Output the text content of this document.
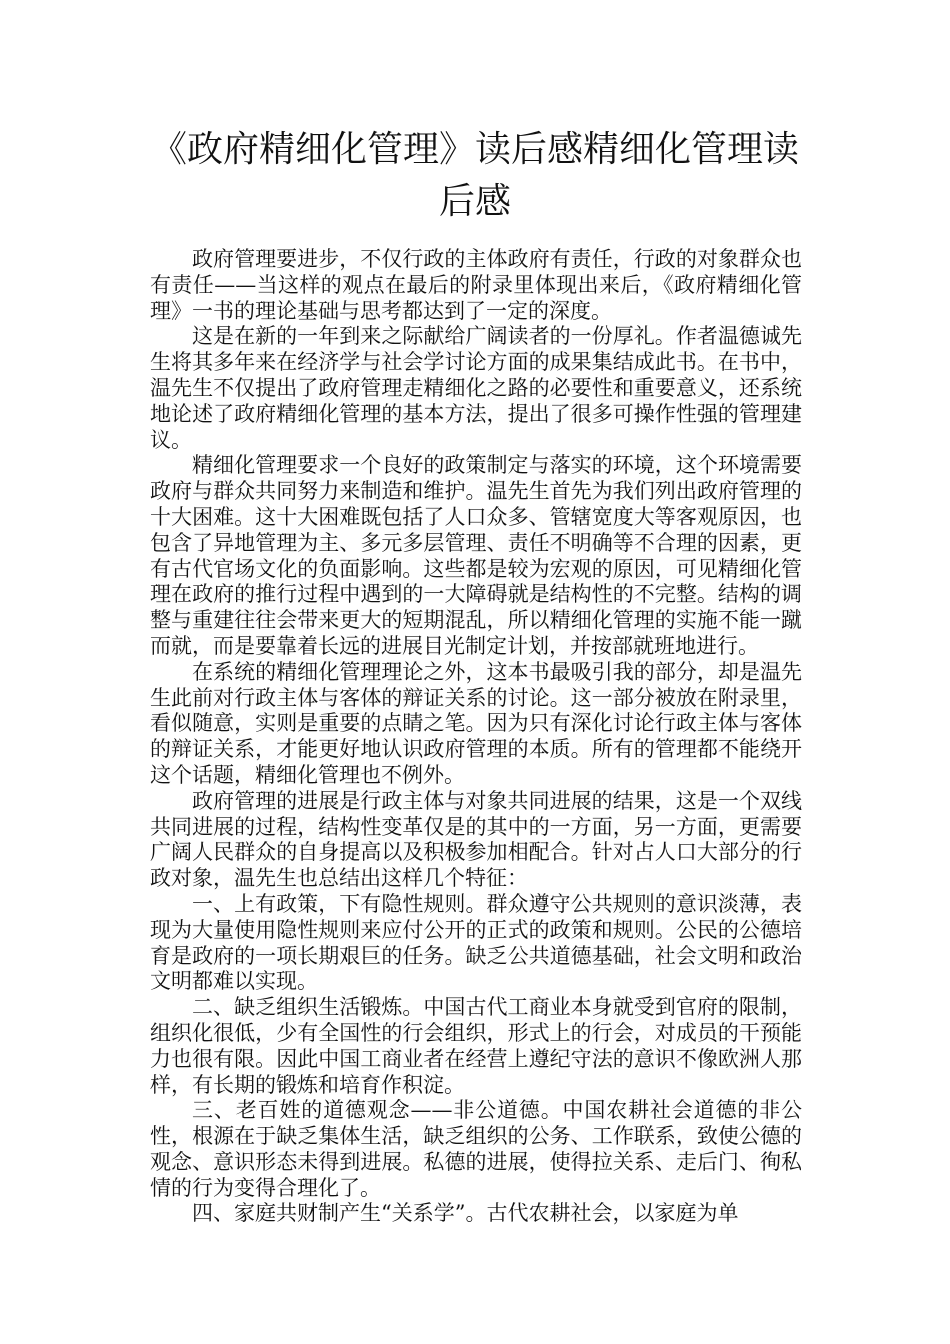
《政府精细化管理》读后感精细化管理读后感

政府管理要进步，不仅行政的主体政府有责任，行政的对象群众也有责任——当这样的观点在最后的附录里体现出来后，《政府精细化管理》一书的理论基础与思考都达到了一定的深度。

这是在新的一年到来之际献给广阔读者的一份厚礼。作者温德诚先生将其多年来在经济学与社会学讨论方面的成果集结成此书。在书中，温先生不仅提出了政府管理走精细化之路的必要性和重要意义，还系统地论述了政府精细化管理的基本方法，提出了很多可操作性强的管理建议。

精细化管理要求一个良好的政策制定与落实的环境，这个环境需要政府与群众共同努力来制造和维护。温先生首先为我们列出政府管理的十大困难。这十大困难既包括了人口众多、管辖宽度大等客观原因，也包含了异地管理为主、多元多层管理、责任不明确等不合理的因素，更有古代官场文化的负面影响。这些都是较为宏观的原因，可见精细化管理在政府的推行过程中遇到的一大障碍就是结构性的不完整。结构的调整与重建往往会带来更大的短期混乱，所以精细化管理的实施不能一蹴而就，而是要靠着长远的进展目光制定计划，并按部就班地进行。

在系统的精细化管理理论之外，这本书最吸引我的部分，却是温先生此前对行政主体与客体的辩证关系的讨论。这一部分被放在附录里，看似随意，实则是重要的点睛之笔。因为只有深化讨论行政主体与客体的辩证关系，才能更好地认识政府管理的本质。所有的管理都不能绕开这个话题，精细化管理也不例外。

政府管理的进展是行政主体与对象共同进展的结果，这是一个双线共同进展的过程，结构性变革仅是的其中的一方面，另一方面，更需要广阔人民群众的自身提高以及积极参加相配合。针对占人口大部分的行政对象，温先生也总结出这样几个特征：

一、上有政策，下有隐性规则。群众遵守公共规则的意识淡薄，表现为大量使用隐性规则来应付公开的正式的政策和规则。公民的公德培育是政府的一项长期艰巨的任务。缺乏公共道德基础，社会文明和政治文明都难以实现。

二、缺乏组织生活锻炼。中国古代工商业本身就受到官府的限制，组织化很低，少有全国性的行会组织，形式上的行会，对成员的干预能力也很有限。因此中国工商业者在经营上遵纪守法的意识不像欧洲人那样，有长期的锻炼和培育作积淀。

三、老百姓的道德观念——非公道德。中国农耕社会道德的非公性，根源在于缺乏集体生活，缺乏组织的公务、工作联系，致使公德的观念、意识形态未得到进展。私德的进展，使得拉关系、走后门、徇私情的行为变得合理化了。

四、家庭共财制产生“关系学”。古代农耕社会，以家庭为单
